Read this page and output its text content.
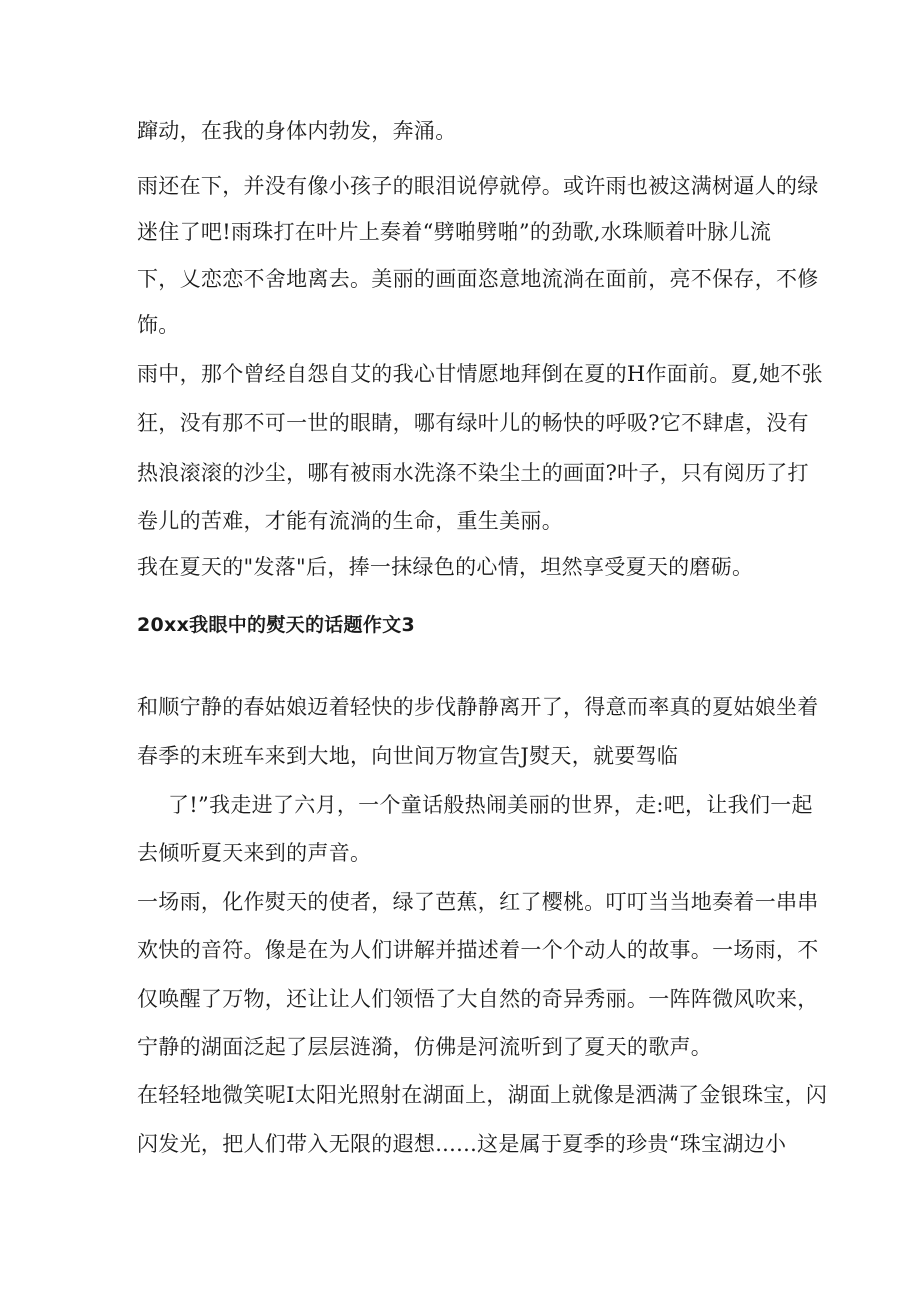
蹿动，在我的身体内勃发，奔涌。
雨还在下，并没有像小孩子的眼泪说停就停。或许雨也被这满树逼人的绿
迷住了吧!雨珠打在叶片上奏着“劈啪劈啪”的劲歌,水珠顺着叶脉儿流
下，乂恋恋不舍地离去。美丽的画面恣意地流淌在面前，亮不保存，不修
饰。
雨中，那个曾经自怨自艾的我心甘情愿地拜倒在夏的H作面前。夏,她不张
狂，没有那不可一世的眼睛，哪有绿叶儿的畅快的呼吸?它不肆虐，没有
热浪滚滚的沙尘，哪有被雨水洗涤不染尘土的画面?叶子，只有阅历了打
卷儿的苦难，才能有流淌的生命，重生美丽。
我在夏天的"发落"后，捧一抹绿色的心情，坦然享受夏天的磨砺。
20xx我眼中的熨天的话题作文3
和顺宁静的春姑娘迈着轻快的步伐静静离开了，得意而率真的夏姑娘坐着
春季的末班车来到大地，向世间万物宣告J熨天，就要驾临
了!”我走进了六月，一个童话般热闹美丽的世界，走:吧，让我们一起
去倾听夏天来到的声音。
一场雨，化作熨天的使者，绿了芭蕉，红了樱桃。叮叮当当地奏着一串串
欢快的音符。像是在为人们讲解并描述着一个个动人的故事。一场雨，不
仅唤醒了万物，还让让人们领悟了大自然的奇异秀丽。一阵阵微风吹来，
宁静的湖面泛起了层层涟漪，仿佛是河流听到了夏天的歌声。
在轻轻地微笑呢I太阳光照射在湖面上，湖面上就像是洒满了金银珠宝，闪
闪发光，把人们带入无限的遐想......这是属于夏季的珍贵“珠宝湖边小
